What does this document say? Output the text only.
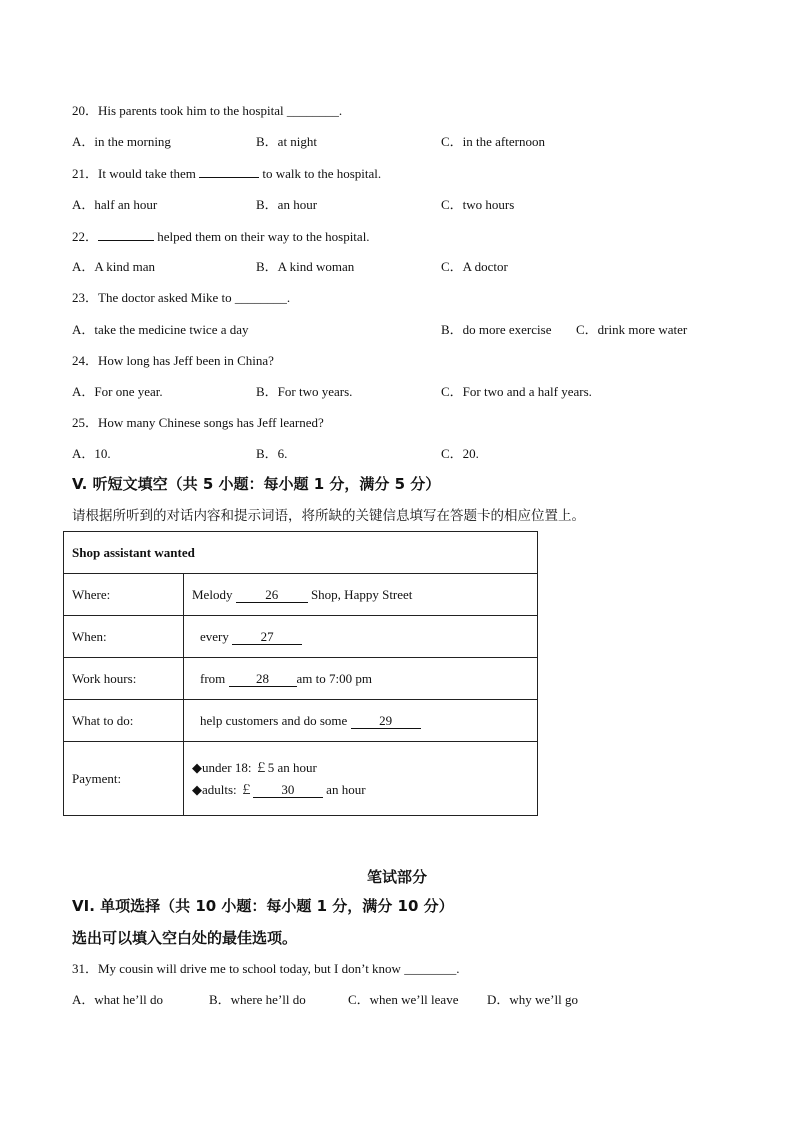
20．His parents took him to the hospital ________.
A．in the morning	B．at night	C．in the afternoon
21．It would take them	to walk to the hospital.
A．half an hour	B．an hour	C．two hours
22．	helped them on their way to the hospital.
A．A kind man	B．A kind woman	C．A doctor
23．The doctor asked Mike to ________.
A．take the medicine twice a day	B．do more exercise C．drink more water
24．How long has Jeff been in China?
A．For one year.	B．For two years.	C．For two and a half years.
25．How many Chinese songs has Jeff learned?
A．10.	B．6.	C．20.
V. 听短文填空（共 5 小题：每小题 1 分，满分 5 分）
请根据所听到的对话内容和提示词语，将所缺的关键信息填写在答题卡的相应位置上。
Shop assistant wanted	
Where:	Melody 26 Shop, Happy Street
When:	every 27
Work hours:	from 28 am to 7:00 pm
What to do:	help customers and do some 29
Payment:	◆under 18: ￡5 an hour
◆adults: ￡ 30 an hour
笔试部分
VI. 单项选择（共 10 小题：每小题 1 分，满分 10 分）
选出可以填入空白处的最佳选项。
31．My cousin will drive me to school today, but I don’t know ________.
A．what he’ll do	B．where he’ll do	C．when we’ll leave D．why we’ll go
